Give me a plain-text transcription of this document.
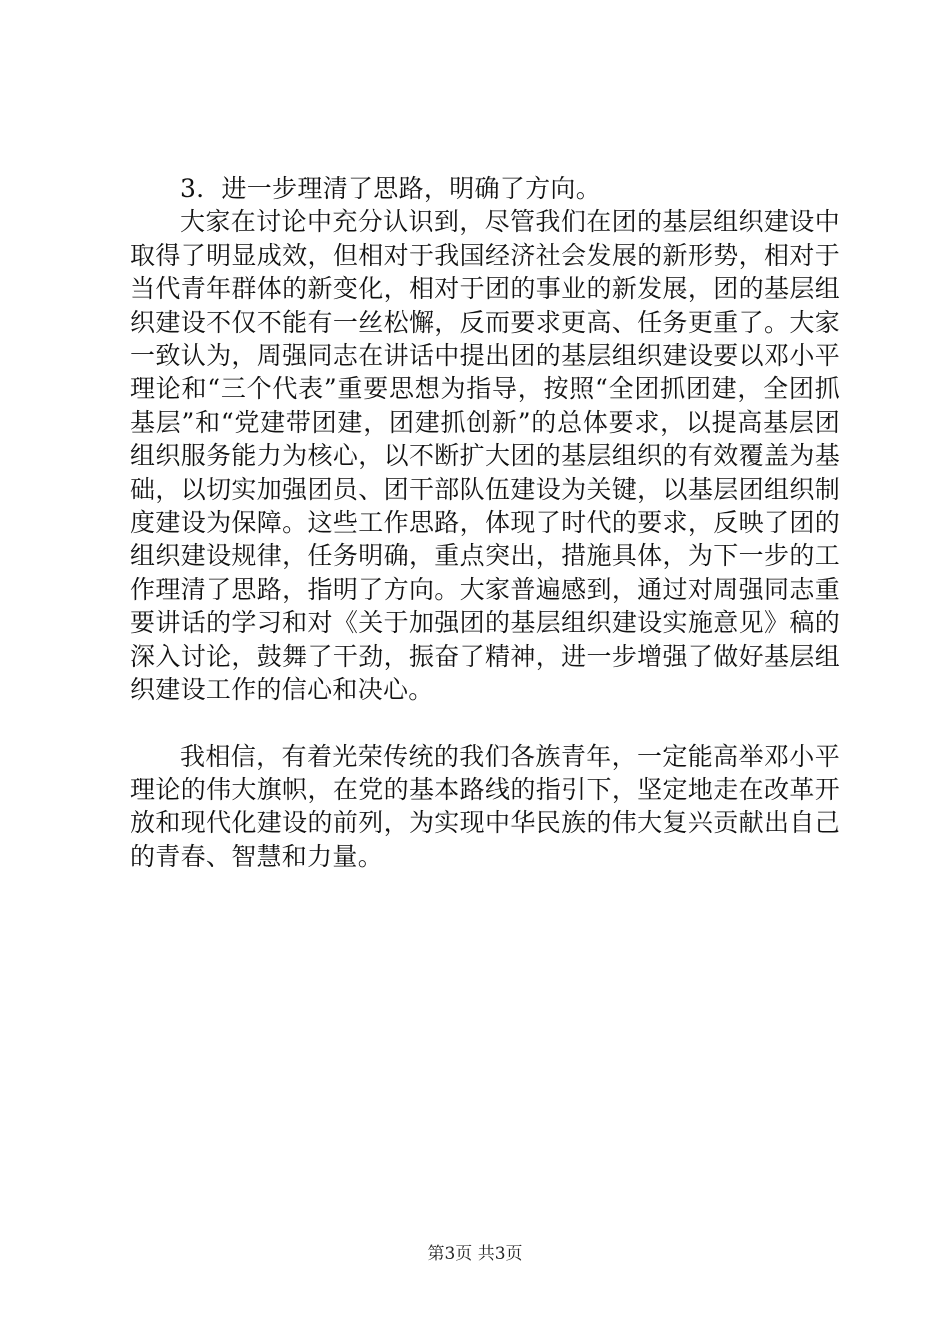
3．进一步理清了思路，明确了方向。

大家在讨论中充分认识到，尽管我们在团的基层组织建设中取得了明显成效，但相对于我国经济社会发展的新形势，相对于当代青年群体的新变化，相对于团的事业的新发展，团的基层组织建设不仅不能有一丝松懈，反而要求更高、任务更重了。大家一致认为，周强同志在讲话中提出团的基层组织建设要以邓小平理论和“三个代表”重要思想为指导，按照“全团抓团建，全团抓基层”和“党建带团建，团建抓创新”的总体要求，以提高基层团组织服务能力为核心，以不断扩大团的基层组织的有效覆盖为基础，以切实加强团员、团干部队伍建设为关键，以基层团组织制度建设为保障。这些工作思路，体现了时代的要求，反映了团的组织建设规律，任务明确，重点突出，措施具体，为下一步的工作理清了思路，指明了方向。大家普遍感到，通过对周强同志重要讲话的学习和对《关于加强团的基层组织建设实施意见》稿的深入讨论，鼓舞了干劲，振奋了精神，进一步增强了做好基层组织建设工作的信心和决心。

我相信，有着光荣传统的我们各族青年，一定能高举邓小平理论的伟大旗帜，在党的基本路线的指引下，坚定地走在改革开放和现代化建设的前列，为实现中华民族的伟大复兴贡献出自己的青春、智慧和力量。

第3页 共3页
